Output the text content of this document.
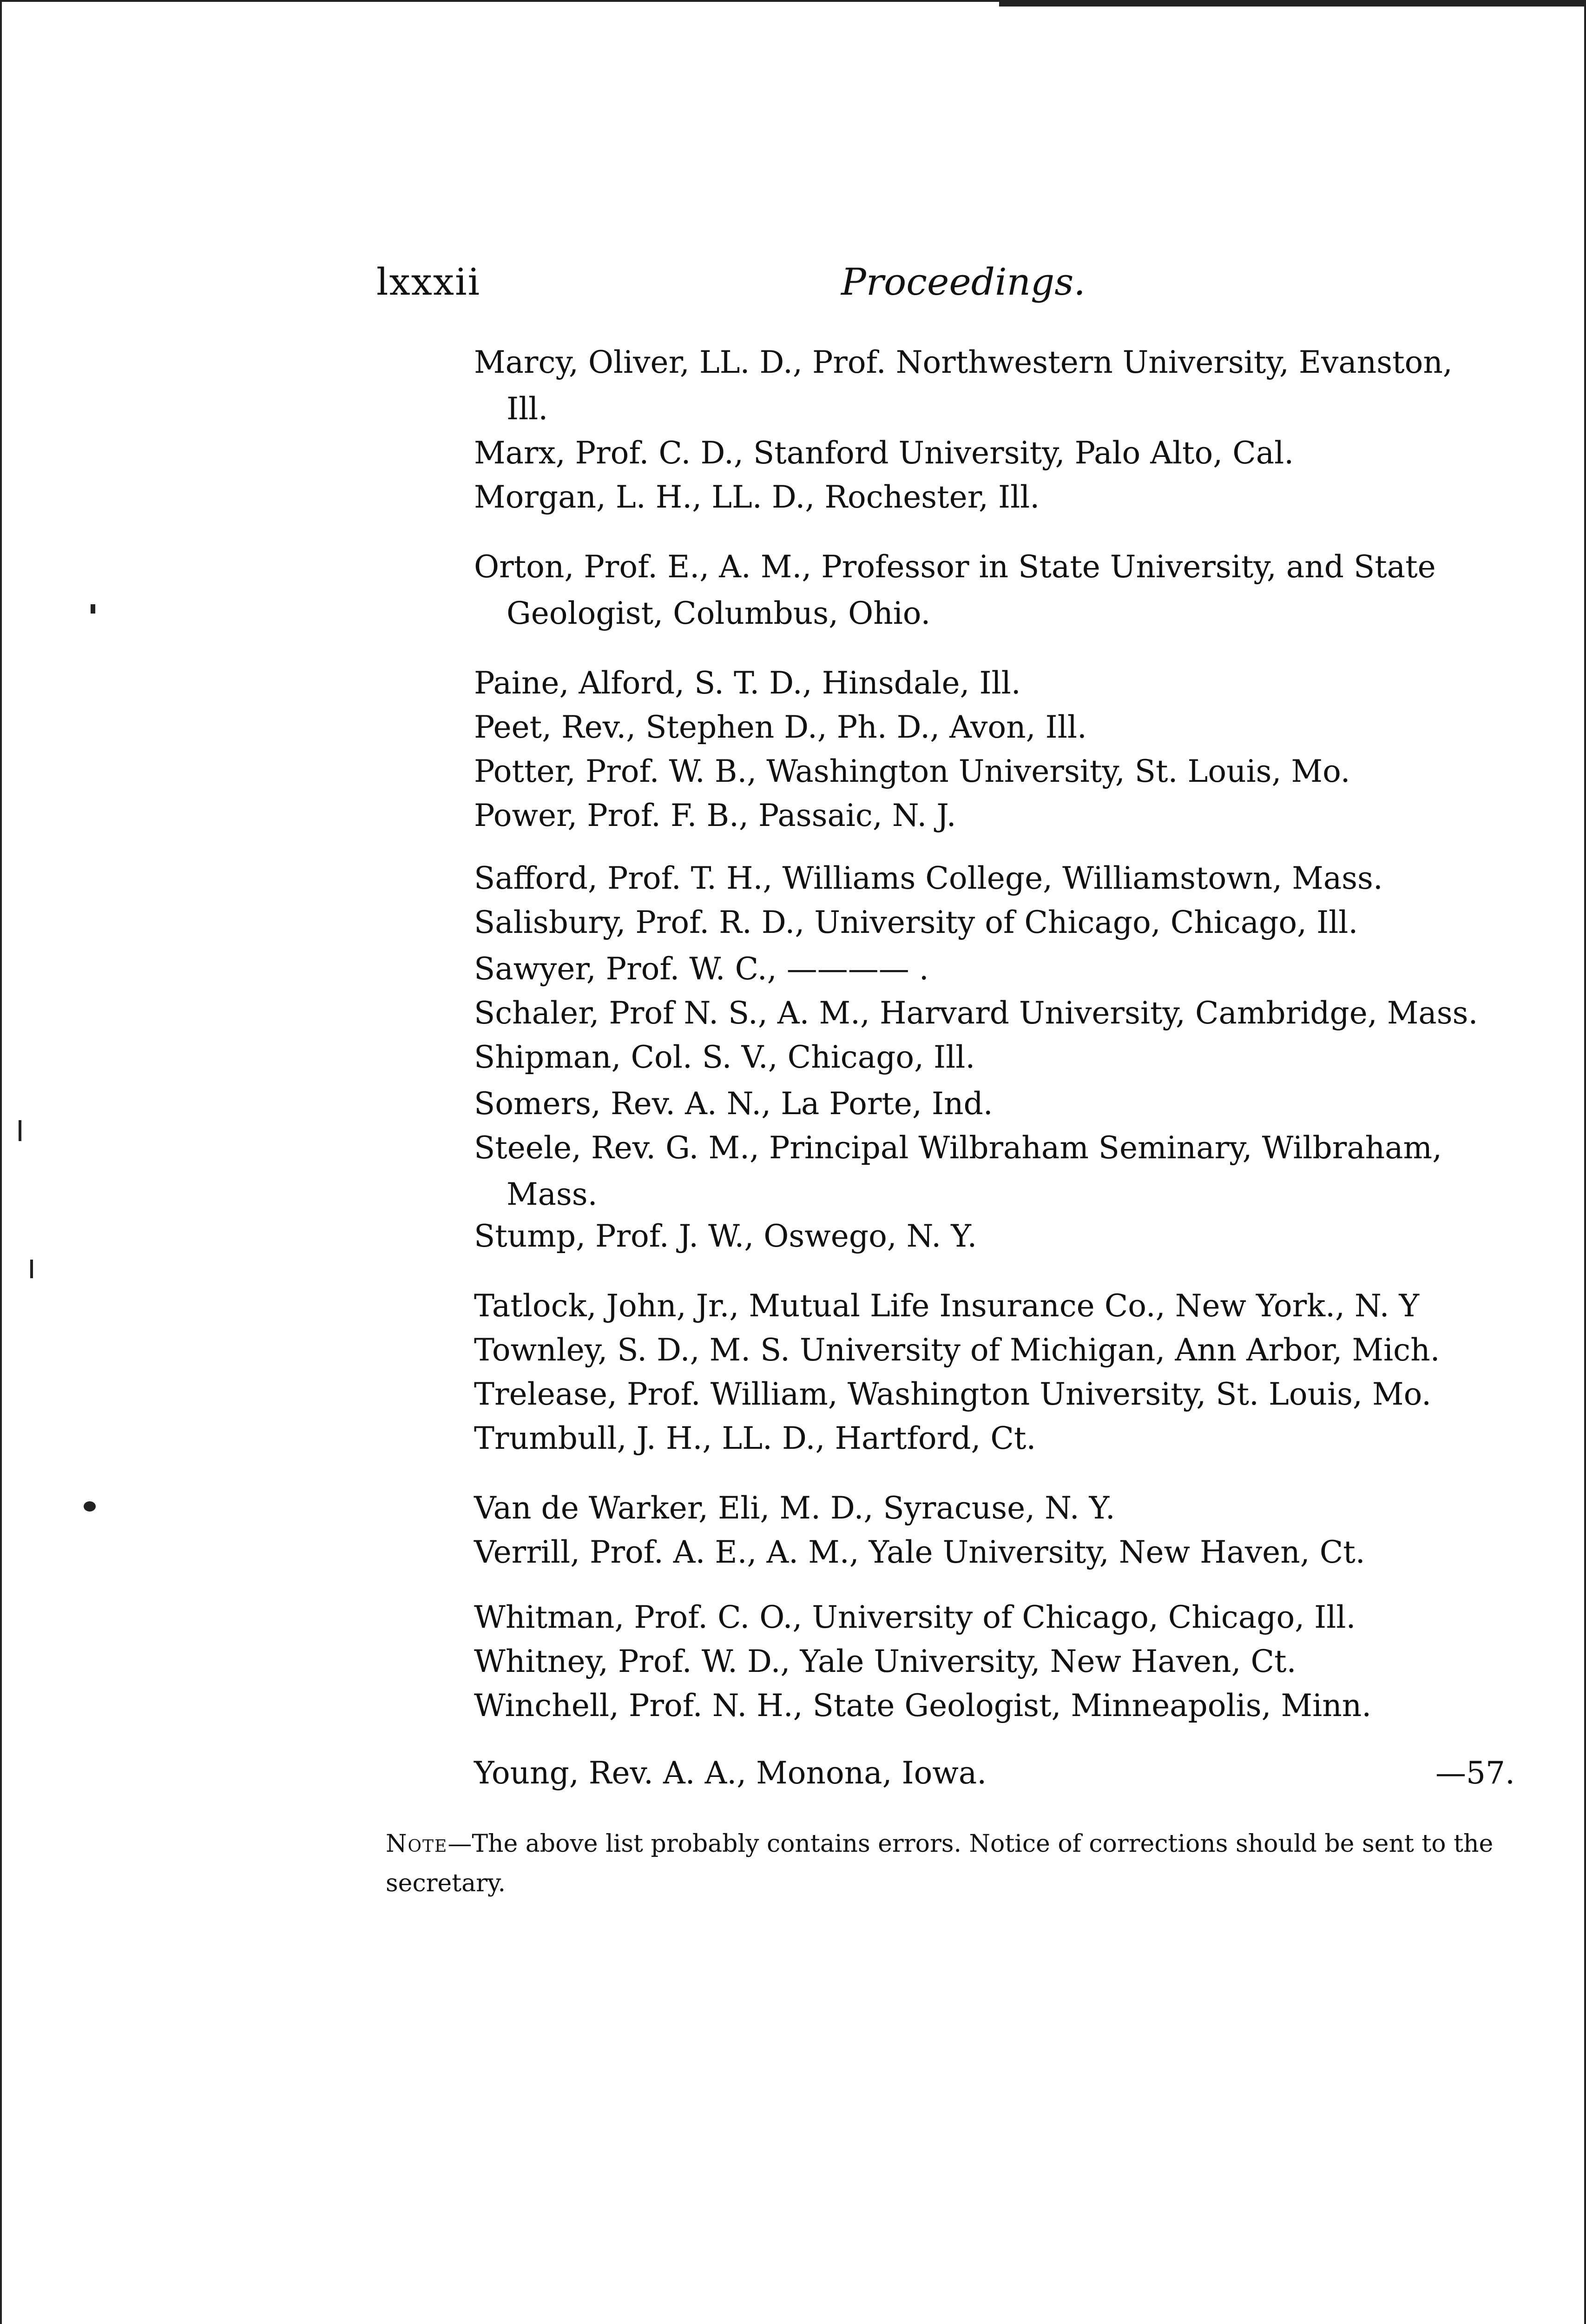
lxxxii	Proceedings.
Marcy, Oliver, LL. D., Prof. Northwestern University, Evanston,
Ill.
Marx, Prof. C. D., Stanford University, Palo Alto, Cal.
Morgan, L. H., LL. D., Rochester, Ill.
Orton, Prof. E., A. M., Professor in State University, and State
Geologist, Columbus, Ohio.
Paine, Alford, S. T. D., Hinsdale, Ill.
Peet, Rev., Stephen D., Ph. D., Avon, Ill.
Potter, Prof. W. B., Washington University, St. Louis, Mo.
Power, Prof. F. B., Passaic, N. J.
Safford, Prof. T. H., Williams College, Williamstown, Mass.
Salisbury, Prof. R. D., University of Chicago, Chicago, Ill.
Sawyer, Prof. W. C., ———— .
Schaler, Prof N. S., A. M., Harvard University, Cambridge, Mass.
Shipman, Col. S. V., Chicago, Ill.
Somers, Rev. A. N., La Porte, Ind.
Steele, Rev. G. M., Principal Wilbraham Seminary, Wilbraham,
Mass.
Stump, Prof. J. W., Oswego, N. Y.
Tatlock, John, Jr., Mutual Life Insurance Co., New York., N. Y
Townley, S. D., M. S. University of Michigan, Ann Arbor, Mich.
Trelease, Prof. William, Washington University, St. Louis, Mo.
Trumbull, J. H., LL. D., Hartford, Ct.
Van de Warker, Eli, M. D., Syracuse, N. Y.
Verrill, Prof. A. E., A. M., Yale University, New Haven, Ct.
Whitman, Prof. C. O., University of Chicago, Chicago, Ill.
Whitney, Prof. W. D., Yale University, New Haven, Ct.
Winchell, Prof. N. H., State Geologist, Minneapolis, Minn.
Young, Rev. A. A., Monona, Iowa.	—57.
Note—The above list probably contains errors. Notice of corrections should be sent to the secretary.
